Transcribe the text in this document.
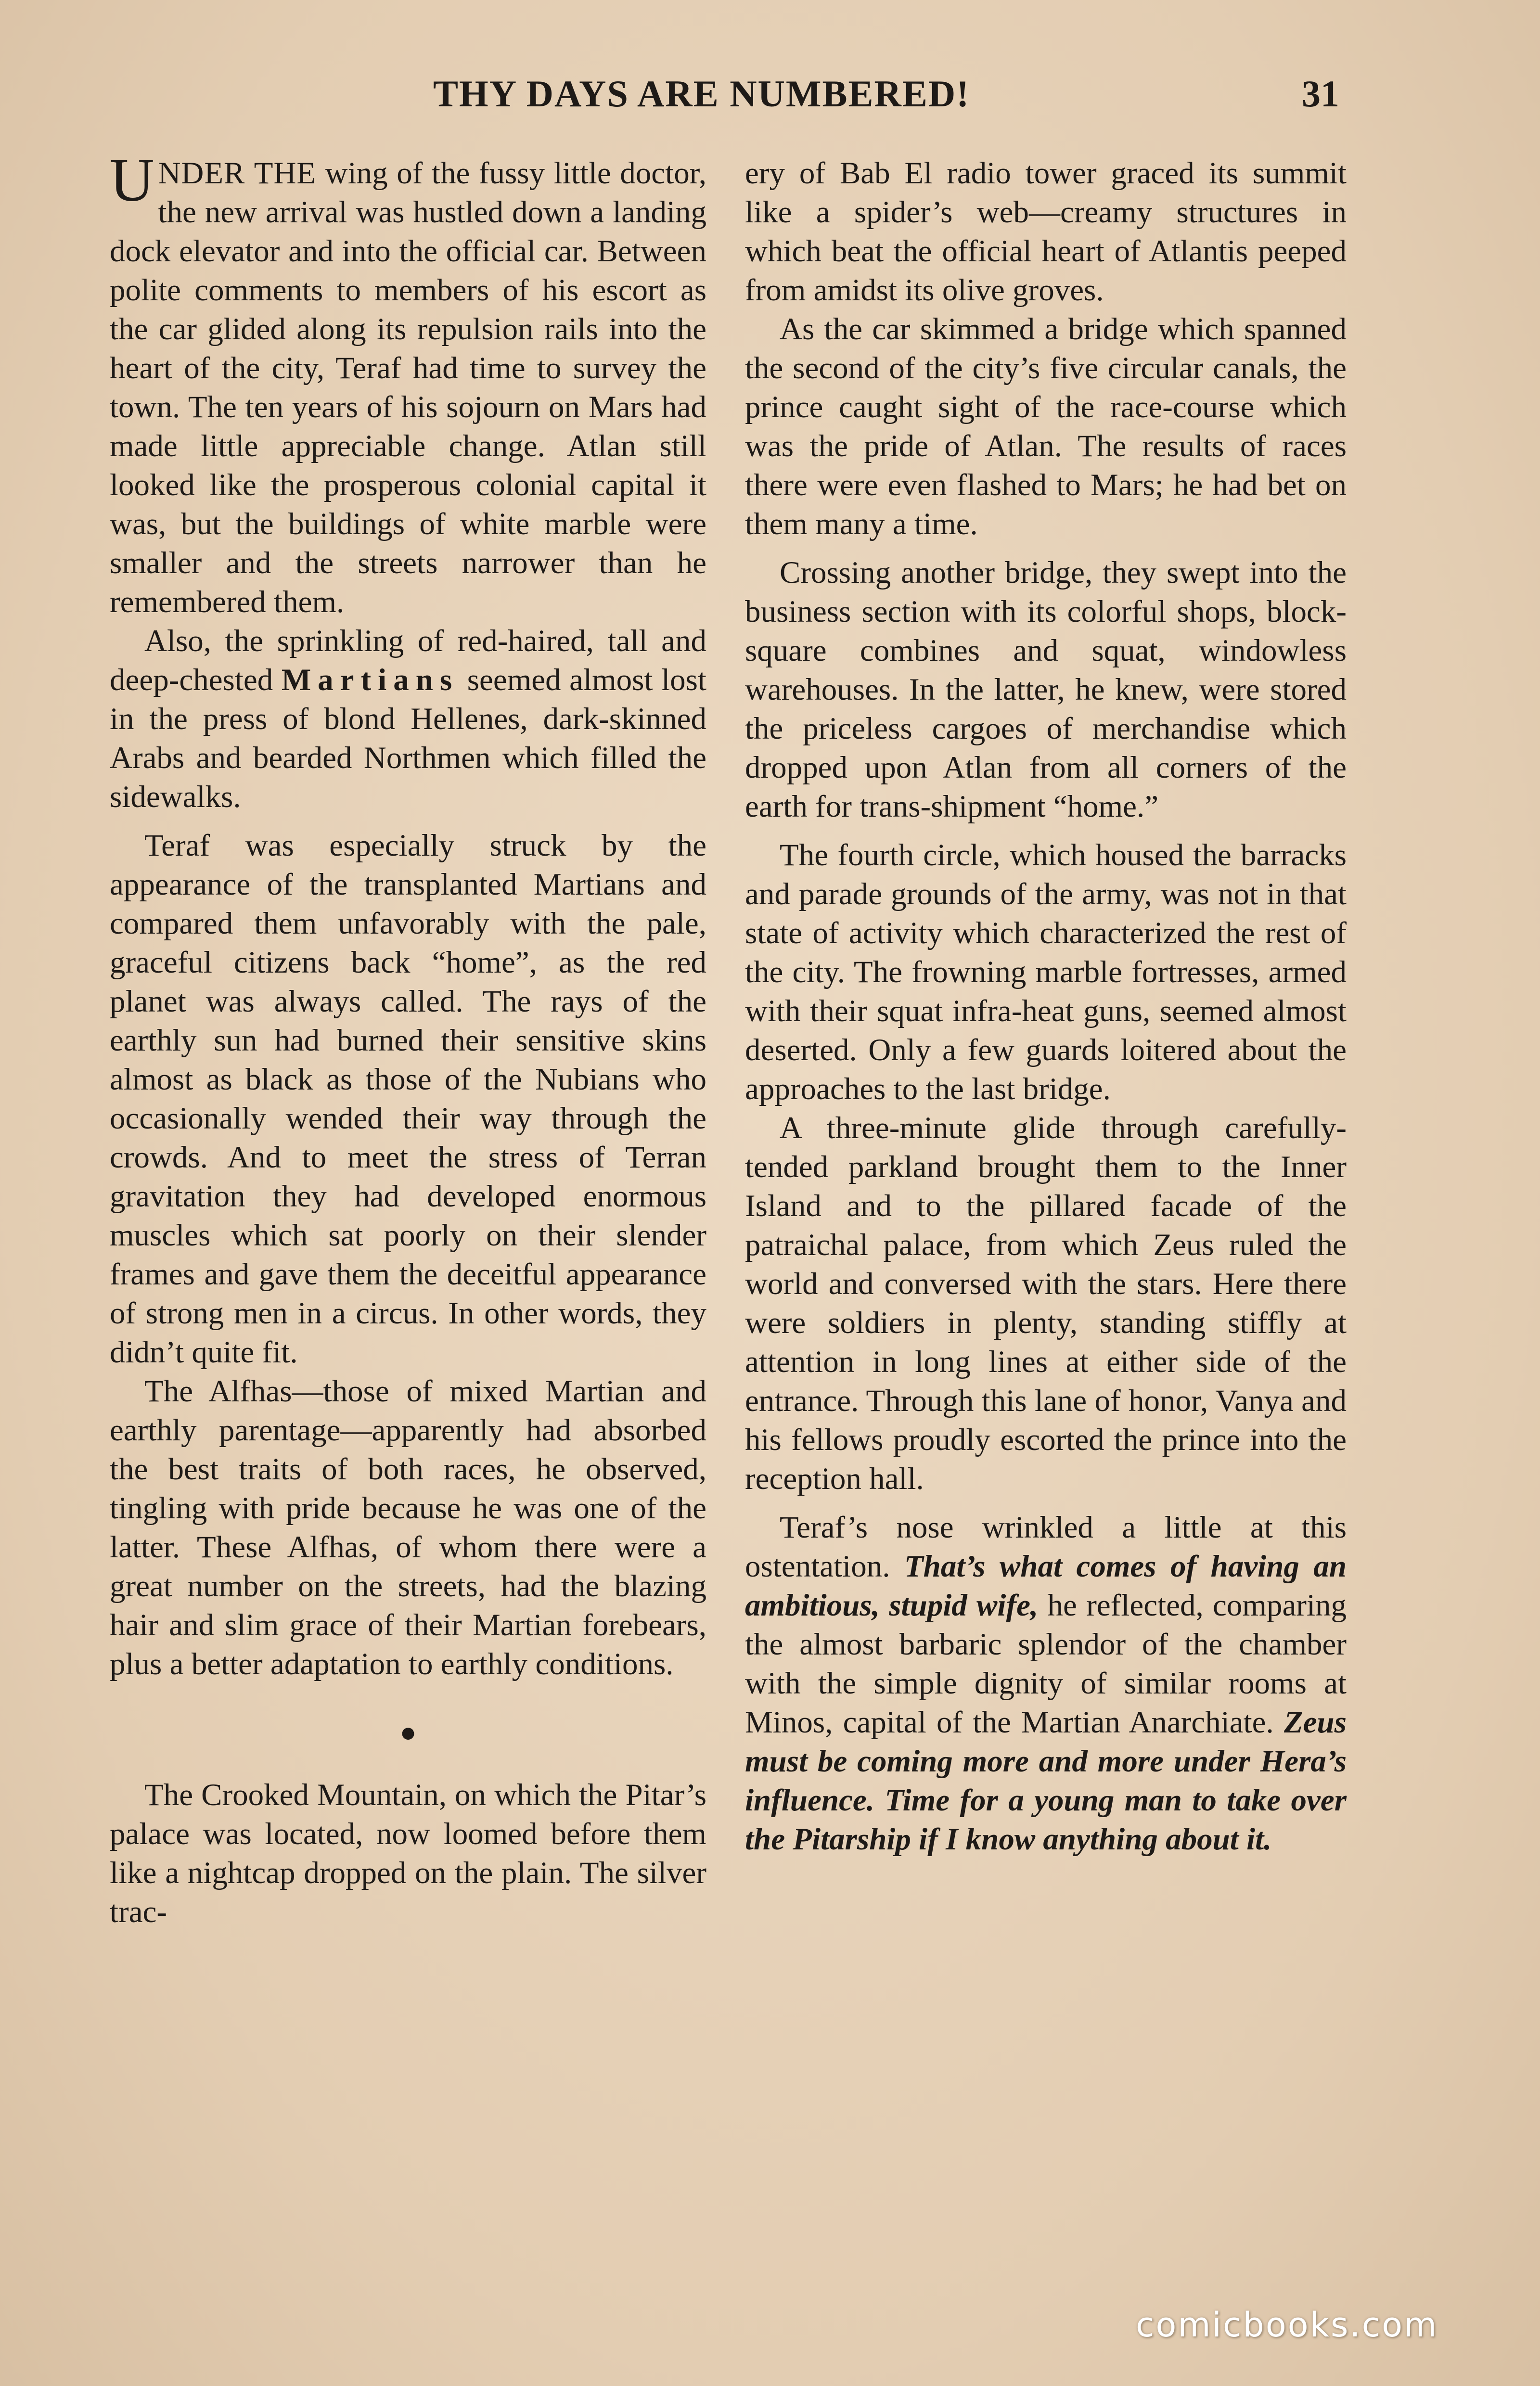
THY DAYS ARE NUMBERED!	31

UNDER THE wing of the fussy little doctor, the new arrival was hustled down a landing dock elevator and into the official car. Between polite comments to members of his escort as the car glided along its repulsion rails into the heart of the city, Teraf had time to survey the town. The ten years of his sojourn on Mars had made little appreciable change. Atlan still looked like the prosperous colonial capital it was, but the buildings of white marble were smaller and the streets narrower than he remembered them.

Also, the sprinkling of red-haired, tall and deep-chested Martians seemed almost lost in the press of blond Hellenes, dark-skinned Arabs and bearded Northmen which filled the sidewalks.

Teraf was especially struck by the appearance of the transplanted Martians and compared them unfavorably with the pale, graceful citizens back “home”, as the red planet was always called. The rays of the earthly sun had burned their sensitive skins almost as black as those of the Nubians who occasionally wended their way through the crowds. And to meet the stress of Terran gravitation they had developed enormous muscles which sat poorly on their slender frames and gave them the deceitful appearance of strong men in a circus. In other words, they didn’t quite fit.

The Alfhas—those of mixed Martian and earthly parentage—apparently had absorbed the best traits of both races, he observed, tingling with pride because he was one of the latter. These Alfhas, of whom there were a great number on the streets, had the blazing hair and slim grace of their Martian forebears, plus a better adaptation to earthly conditions.

●

The Crooked Mountain, on which the Pitar’s palace was located, now loomed before them like a nightcap dropped on the plain. The silver trac-

ery of Bab El radio tower graced its summit like a spider’s web—creamy structures in which beat the official heart of Atlantis peeped from amidst its olive groves.

As the car skimmed a bridge which spanned the second of the city’s five circular canals, the prince caught sight of the race-course which was the pride of Atlan. The results of races there were even flashed to Mars; he had bet on them many a time.

Crossing another bridge, they swept into the business section with its colorful shops, block-square combines and squat, windowless warehouses. In the latter, he knew, were stored the priceless cargoes of merchandise which dropped upon Atlan from all corners of the earth for trans-shipment “home.”

The fourth circle, which housed the barracks and parade grounds of the army, was not in that state of activity which characterized the rest of the city. The frowning marble fortresses, armed with their squat infra-heat guns, seemed almost deserted. Only a few guards loitered about the approaches to the last bridge.

A three-minute glide through carefully-tended parkland brought them to the Inner Island and to the pillared facade of the patraichal palace, from which Zeus ruled the world and conversed with the stars. Here there were soldiers in plenty, standing stiffly at attention in long lines at either side of the entrance. Through this lane of honor, Vanya and his fellows proudly escorted the prince into the reception hall.

Teraf’s nose wrinkled a little at this ostentation. That’s what comes of having an ambitious, stupid wife, he reflected, comparing the almost barbaric splendor of the chamber with the simple dignity of similar rooms at Minos, capital of the Martian Anarchiate. Zeus must be coming more and more under Hera’s influence. Time for a young man to take over the Pitarship if I know anything about it.

comicbooks.com
